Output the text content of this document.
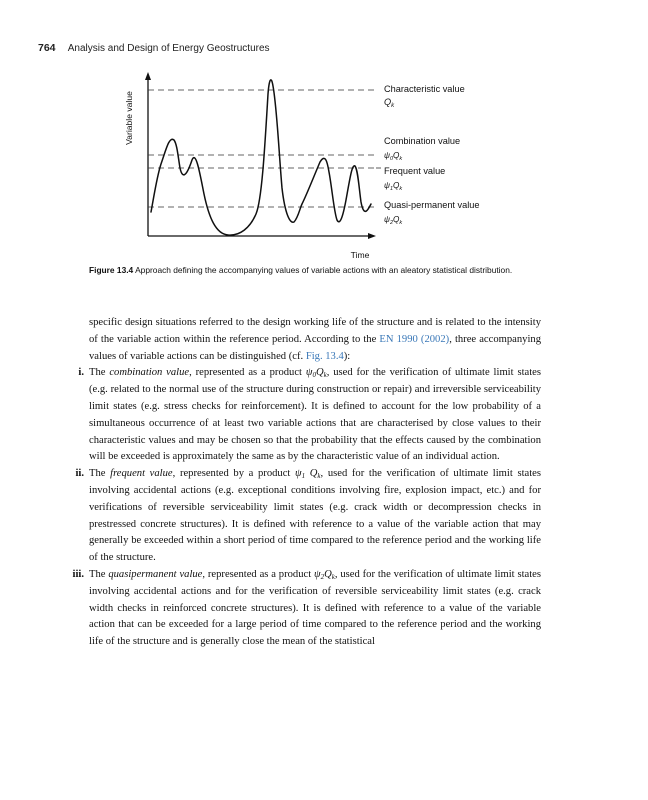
764 Analysis and Design of Energy Geostructures
Variable value
Time
Characteristic value
$Q_k$
Combination value
$\psi_0Q_k$
Frequent value
$\psi_1Q_k$
Quasi-permanent value
$\psi_2Q_k$
Figure 13.4 Approach defining the accompanying values of variable actions with an aleatory statistical distribution.

specific design situations referred to the design working life of the structure and is related to the intensity of the variable action within the reference period. According to the EN 1990 (2002), three accompanying values of variable actions can be distinguished (cf. Fig. 13.4):

i. The combination value, represented as a product $\psi_0Q_k$, used for the verification of ultimate limit states (e.g. related to the normal use of the structure during construction or repair) and irreversible serviceability limit states (e.g. stress checks for reinforcement). It is defined to account for the low probability of a simultaneous occurrence of at least two variable actions that are characterised by close values to their characteristic values and may be chosen so that the probability that the effects caused by the combination will be exceeded is approximately the same as by the characteristic value of an individual action.
ii. The frequent value, represented by a product $\psi_1$ $Q_k$, used for the verification of ultimate limit states involving accidental actions (e.g. exceptional conditions involving fire, explosion impact, etc.) and for verifications of reversible serviceability limit states (e.g. crack width or decompression checks in prestressed concrete structures). It is defined with reference to a value of the variable action that may generally be exceeded within a short period of time compared to the reference period and the working life of the structure.
iii. The quasipermanent value, represented as a product $\psi_2Q_k$, used for the verification of ultimate limit states involving accidental actions and for the verification of reversible serviceability limit states (e.g. crack width checks in reinforced concrete structures). It is defined with reference to a value of the variable action that can be exceeded for a large period of time compared to the reference period and the working life of the structure and is generally close the mean of the statistical
